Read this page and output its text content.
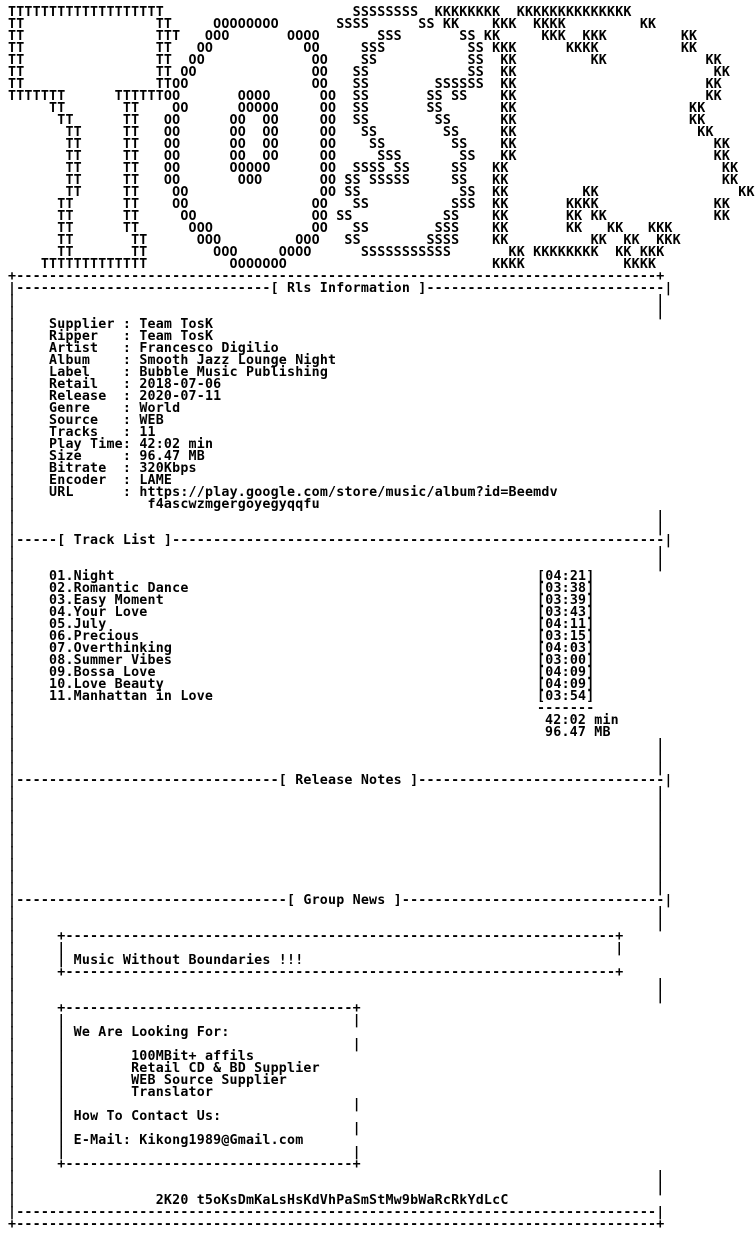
TTTTTTTTTTTTTTTTTTT                       SSSSSSSS  KKKKKKKK  KKKKKKKKKKKKKK
TT                TT     OOOOOOOO       SSSS      SS KK    KKK  KKKK         KK
TT                TTT   OOO       OOOO       SSS       SS KK     KKK  KKK         KK
TT                TT   OO           OO     SSS          SS KKK      KKKK          KK
TT                TT  OO             OO    SS           SS  KK         KK            KK
TT                TT OO              OO   SS            SS  KK                        KK
TT                TTOO               OO   SS        SSSSSS  KK                       KK
TTTTTTT      TTTTTTOO       OOOO      OO  SS       SS SS    KK                       KK
TT       TT    OO      OOOOO     OO  SS       SS       KK                     KK
TT      TT   OO      OO  OO     OO  SS        SS      KK                     KK
TT     TT   OO      OO  OO     OO   SS        SS     KK                      KK
TT     TT   OO      OO  OO     OO    SS        SS    KK                        KK
TT     TT   OO      OO  OO     OO     SSS       SS   KK                        KK
TT     TT   OO      OOOOO      OO  SSSS SS     SS   KK                          KK
TT     TT   OO       OOO       OO SS SSSSS     SS   KK                          KK
TT     TT    OO                OO SS            SS  KK         KK                 KK
TT      TT    OO               OO   SS          SSS  KK       KKKK              KK
TT      TT     OO              OO SS           SS    KK       KK KK             KK
TT      TT      OOO            OO   SS        SSS    KK       KK   KK   KKK
TT       TT      OOO         OOO   SS        SSSS    KK          KK  KK  KKK
TT       TT        OOO     OOOO      SSSSSSSSSSS       KK KKKKKKKK  KK KKK
TTTTTTTTTTTTT          OOOOOOO                         KKKK            KKKK
+------------------------------------------------------------------------------+
|-------------------------------[ Rls Information ]-----------------------------|
|                                                                              |
|                                                                              |
|    Supplier : Team TosK
|    Ripper   : Team TosK
|    Artist   : Francesco Digilio
|    Album    : Smooth Jazz Lounge Night
|    Label    : Bubble Music Publishing
|    Retail   : 2018-07-06
|    Release  : 2020-07-11
|    Genre    : World
|    Source   : WEB
|    Tracks   : 11
|    Play Time: 42:02 min
|    Size     : 96.47 MB
|    Bitrate  : 320Kbps
|    Encoder  : LAME
|    URL      : https://play.google.com/store/music/album?id=Beemdv
|                f4ascwzmgergoyegyqqfu
|                                                                              |
|                                                                              |
|-----[ Track List ]------------------------------------------------------------|
|                                                                              |
|                                                                              |
|    01.Night	[04:21]
|    02.Romantic Dance	[03:38]
|    03.Easy Moment	[03:39]
|    04.Your Love	[03:43]
|    05.July	[04:11]
|    06.Precious	[03:15]
|    07.Overthinking	[04:03]
|    08.Summer Vibes	[03:00]
|    09.Bossa Love	[04:09]
|    10.Love Beauty	[04:09]
|    11.Manhattan in Love	[03:54]
|	-------
|	42:02 min
|	96.47 MB
|                                                                              |
|                                                                              |
|                                                                              |
|--------------------------------[ Release Notes ]------------------------------|
|                                                                              |
|                                                                              |
|                                                                              |
|                                                                              |
|                                                                              |
|                                                                              |
|                                                                              |
|                                                                              |
|                                                                              |
|---------------------------------[ Group News ]--------------------------------|
|                                                                              |
|                                                                              |
|     +-------------------------------------------------------------------+
|     |                                                                   |
|     | Music Without Boundaries !!!
|     +-------------------------------------------------------------------+
|                                                                              |
|                                                                              |
|     +-----------------------------------+
|     |                                   |
|     | We Are Looking For:
|     |                                   |
|     |        100MBit+ affils
|     |        Retail CD & BD Supplier
|     |        WEB Source Supplier
|     |        Translator
|     |                                   |
|     | How To Contact Us:
|     |                                   |
|     | E-Mail: Kikong1989@Gmail.com
|     |                                   |
|     +-----------------------------------+
|                                                                              |
|                                                                              |
|                 2K20 t5oKsDmKaLsHsKdVhPaSmStMw9bWaRcRkYdLcC
|------------------------------------------------------------------------------|
+------------------------------------------------------------------------------+
